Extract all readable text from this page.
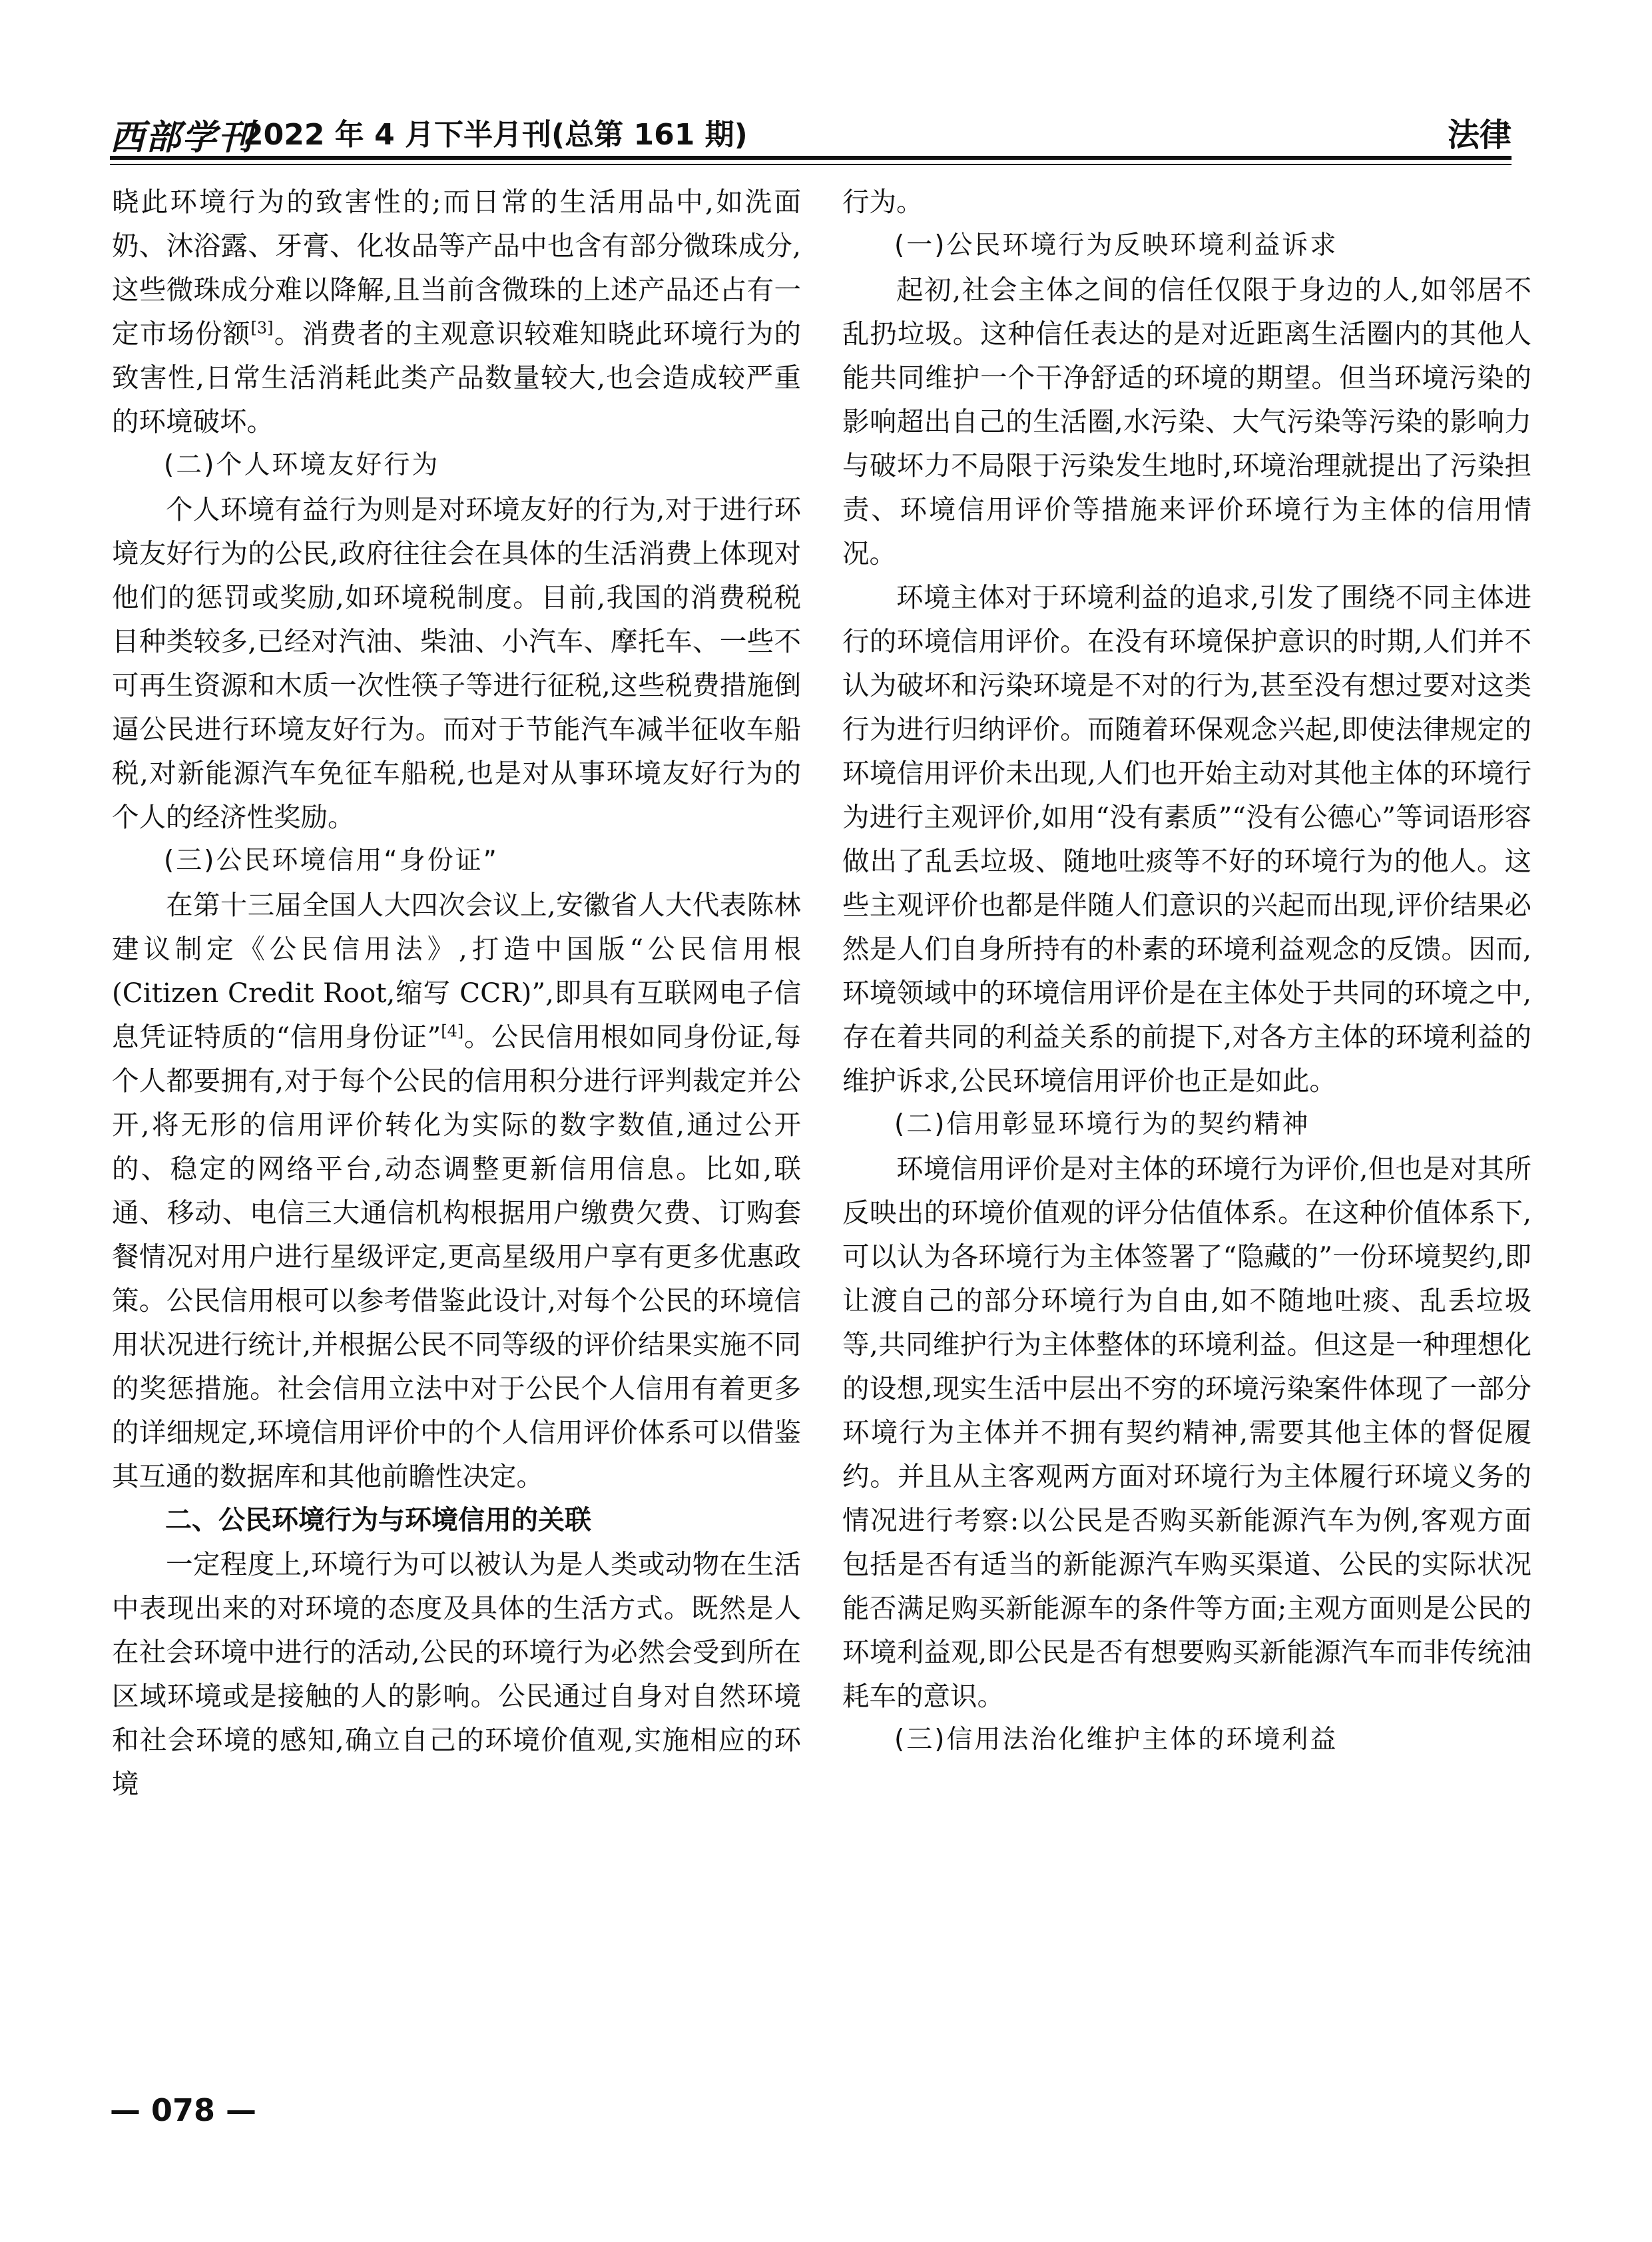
西部学刊
2022 年 4 月下半月刊(总第 161 期)	法律

晓此环境行为的致害性的;而日常的生活用品中,如洗面奶、沐浴露、牙膏、化妆品等产品中也含有部分微珠成分,这些微珠成分难以降解,且当前含微珠的上述产品还占有一定市场份额[3]。消费者的主观意识较难知晓此环境行为的致害性,日常生活消耗此类产品数量较大,也会造成较严重的环境破坏。

(二)个人环境友好行为

个人环境有益行为则是对环境友好的行为,对于进行环境友好行为的公民,政府往往会在具体的生活消费上体现对他们的惩罚或奖励,如环境税制度。目前,我国的消费税税目种类较多,已经对汽油、柴油、小汽车、摩托车、一些不可再生资源和木质一次性筷子等进行征税,这些税费措施倒逼公民进行环境友好行为。而对于节能汽车减半征收车船税,对新能源汽车免征车船税,也是对从事环境友好行为的个人的经济性奖励。

(三)公民环境信用“身份证”

在第十三届全国人大四次会议上,安徽省人大代表陈林建议制定《公民信用法》,打造中国版“公民信用根(Citizen Credit Root,缩写 CCR)”,即具有互联网电子信息凭证特质的“信用身份证”[4]。公民信用根如同身份证,每个人都要拥有,对于每个公民的信用积分进行评判裁定并公开,将无形的信用评价转化为实际的数字数值,通过公开的、稳定的网络平台,动态调整更新信用信息。比如,联通、移动、电信三大通信机构根据用户缴费欠费、订购套餐情况对用户进行星级评定,更高星级用户享有更多优惠政策。公民信用根可以参考借鉴此设计,对每个公民的环境信用状况进行统计,并根据公民不同等级的评价结果实施不同的奖惩措施。社会信用立法中对于公民个人信用有着更多的详细规定,环境信用评价中的个人信用评价体系可以借鉴其互通的数据库和其他前瞻性决定。

二、公民环境行为与环境信用的关联

一定程度上,环境行为可以被认为是人类或动物在生活中表现出来的对环境的态度及具体的生活方式。既然是人在社会环境中进行的活动,公民的环境行为必然会受到所在区域环境或是接触的人的影响。公民通过自身对自然环境和社会环境的感知,确立自己的环境价值观,实施相应的环境

行为。

(一)公民环境行为反映环境利益诉求

起初,社会主体之间的信任仅限于身边的人,如邻居不乱扔垃圾。这种信任表达的是对近距离生活圈内的其他人能共同维护一个干净舒适的环境的期望。但当环境污染的影响超出自己的生活圈,水污染、大气污染等污染的影响力与破坏力不局限于污染发生地时,环境治理就提出了污染担责、环境信用评价等措施来评价环境行为主体的信用情况。

环境主体对于环境利益的追求,引发了围绕不同主体进行的环境信用评价。在没有环境保护意识的时期,人们并不认为破坏和污染环境是不对的行为,甚至没有想过要对这类行为进行归纳评价。而随着环保观念兴起,即使法律规定的环境信用评价未出现,人们也开始主动对其他主体的环境行为进行主观评价,如用“没有素质”“没有公德心”等词语形容做出了乱丢垃圾、随地吐痰等不好的环境行为的他人。这些主观评价也都是伴随人们意识的兴起而出现,评价结果必然是人们自身所持有的朴素的环境利益观念的反馈。因而,环境领域中的环境信用评价是在主体处于共同的环境之中,存在着共同的利益关系的前提下,对各方主体的环境利益的维护诉求,公民环境信用评价也正是如此。

(二)信用彰显环境行为的契约精神

环境信用评价是对主体的环境行为评价,但也是对其所反映出的环境价值观的评分估值体系。在这种价值体系下,可以认为各环境行为主体签署了“隐藏的”一份环境契约,即让渡自己的部分环境行为自由,如不随地吐痰、乱丢垃圾等,共同维护行为主体整体的环境利益。但这是一种理想化的设想,现实生活中层出不穷的环境污染案件体现了一部分环境行为主体并不拥有契约精神,需要其他主体的督促履约。并且从主客观两方面对环境行为主体履行环境义务的情况进行考察:以公民是否购买新能源汽车为例,客观方面包括是否有适当的新能源汽车购买渠道、公民的实际状况能否满足购买新能源车的条件等方面;主观方面则是公民的环境利益观,即公民是否有想要购买新能源汽车而非传统油耗车的意识。

(三)信用法治化维护主体的环境利益
— 078 —
